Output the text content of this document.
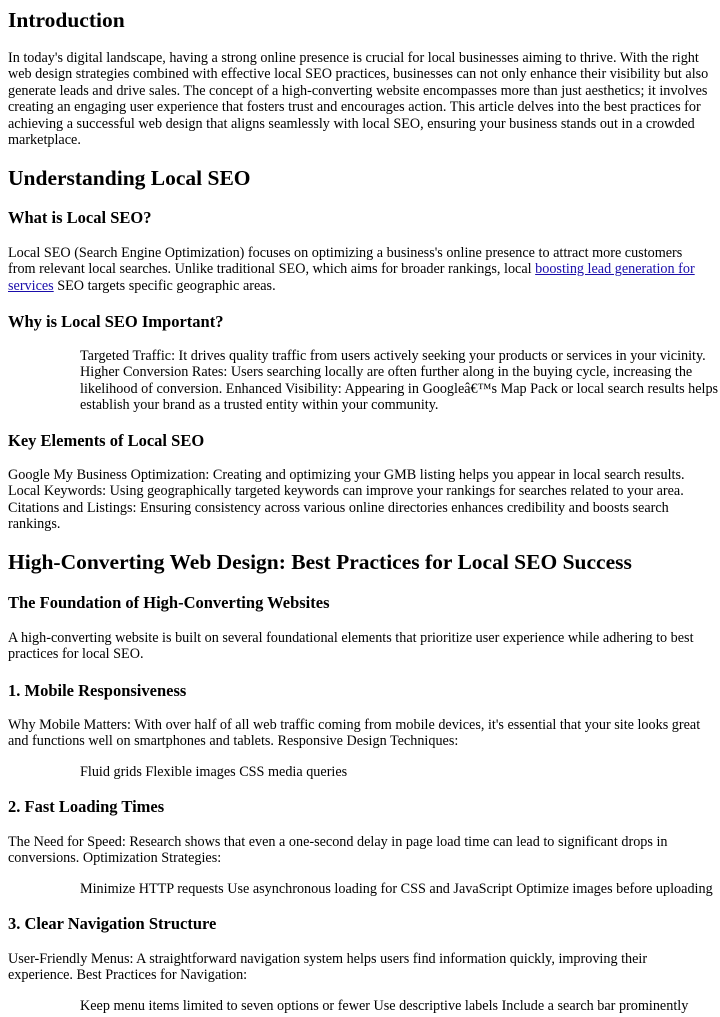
Introduction

In today's digital landscape, having a strong online presence is crucial for local businesses aiming to thrive. With the right web design strategies combined with effective local SEO practices, businesses can not only enhance their visibility but also generate leads and drive sales. The concept of a high-converting website encompasses more than just aesthetics; it involves creating an engaging user experience that fosters trust and encourages action. This article delves into the best practices for achieving a successful web design that aligns seamlessly with local SEO, ensuring your business stands out in a crowded marketplace.

Understanding Local SEO
What is Local SEO?

Local SEO (Search Engine Optimization) focuses on optimizing a business's online presence to attract more customers from relevant local searches. Unlike traditional SEO, which aims for broader rankings, local boosting lead generation for services SEO targets specific geographic areas.

Why is Local SEO Important?
Targeted Traffic: It drives quality traffic from users actively seeking your products or services in your vicinity. Higher Conversion Rates: Users searching locally are often further along in the buying cycle, increasing the likelihood of conversion. Enhanced Visibility: Appearing in Googleâ€™s Map Pack or local search results helps establish your brand as a trusted entity within your community.
Key Elements of Local SEO

Google My Business Optimization: Creating and optimizing your GMB listing helps you appear in local search results. Local Keywords: Using geographically targeted keywords can improve your rankings for searches related to your area. Citations and Listings: Ensuring consistency across various online directories enhances credibility and boosts search rankings.

High-Converting Web Design: Best Practices for Local SEO Success
The Foundation of High-Converting Websites

A high-converting website is built on several foundational elements that prioritize user experience while adhering to best practices for local SEO.

1. Mobile Responsiveness

Why Mobile Matters: With over half of all web traffic coming from mobile devices, it's essential that your site looks great and functions well on smartphones and tablets. Responsive Design Techniques:

Fluid grids Flexible images CSS media queries
2. Fast Loading Times

The Need for Speed: Research shows that even a one-second delay in page load time can lead to significant drops in conversions. Optimization Strategies:

Minimize HTTP requests Use asynchronous loading for CSS and JavaScript Optimize images before uploading
3. Clear Navigation Structure

User-Friendly Menus: A straightforward navigation system helps users find information quickly, improving their experience. Best Practices for Navigation:

Keep menu items limited to seven options or fewer Use descriptive labels Include a search bar prominently
